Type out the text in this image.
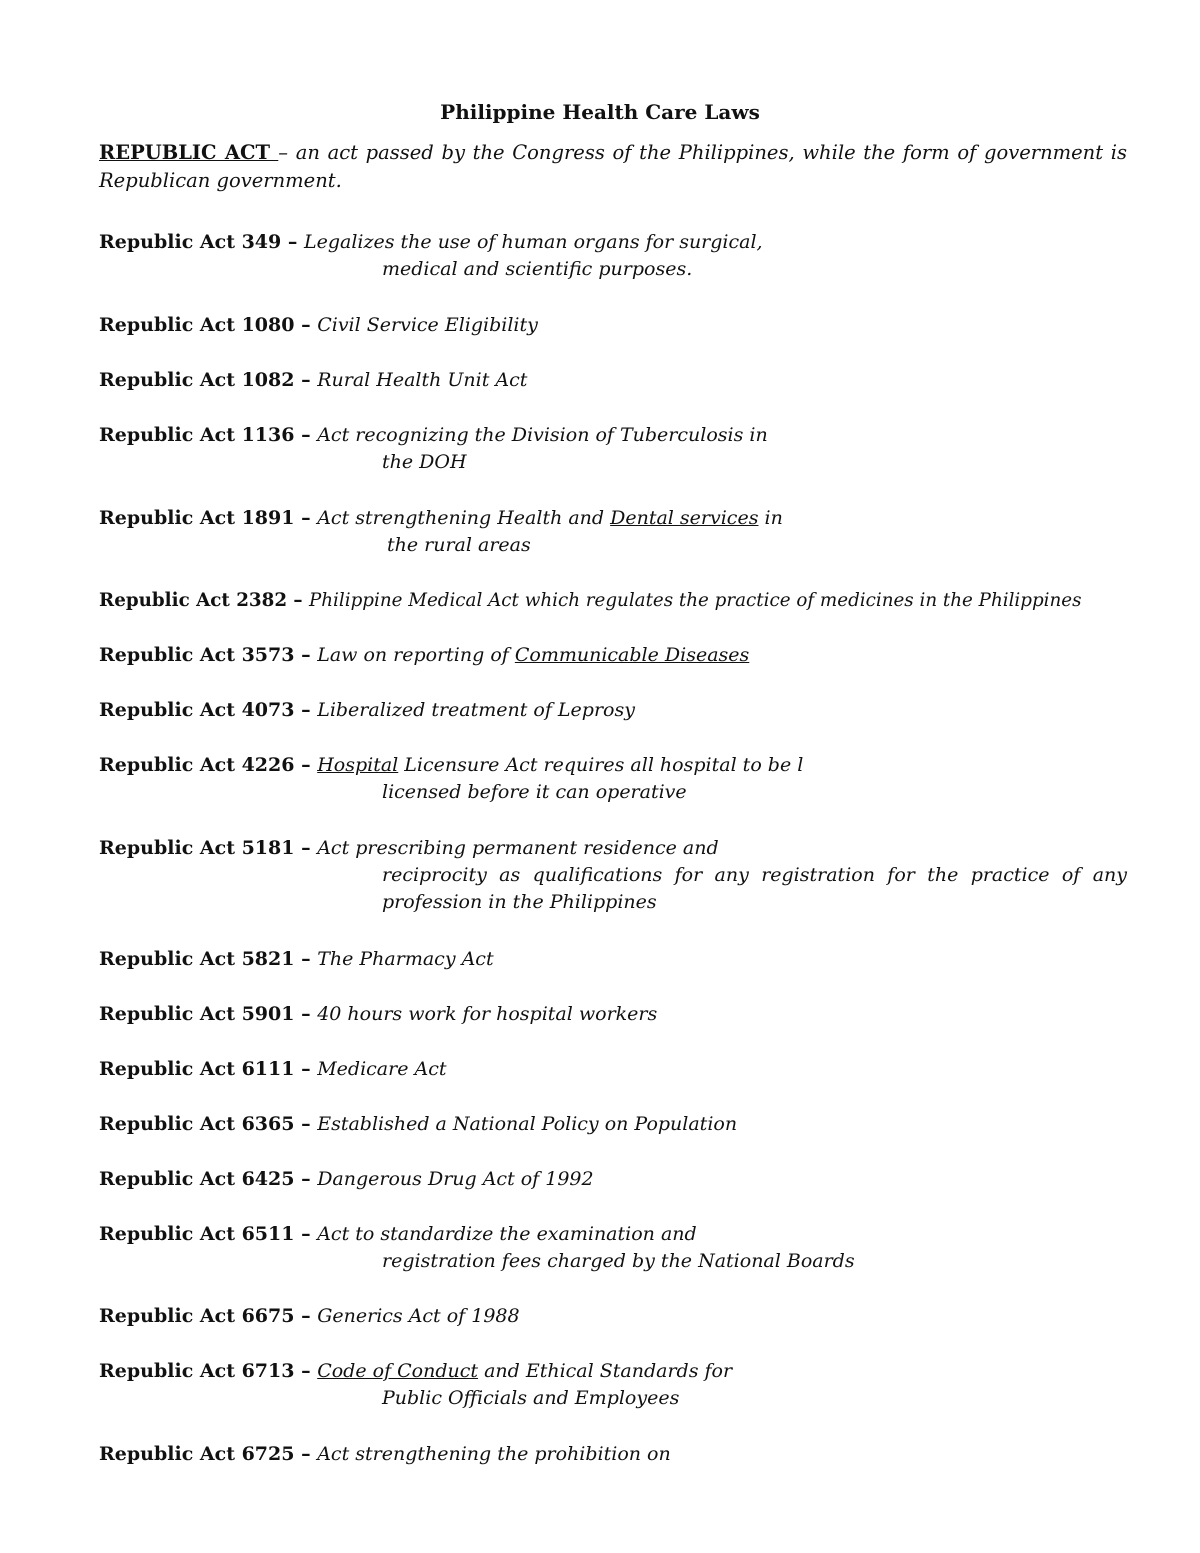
Philippine Health Care Laws
REPUBLIC ACT – an act passed by the Congress of the Philippines, while the form of government is Republican government.
Republic Act 349 – Legalizes the use of human organs for surgical,
medical and scientific purposes.
Republic Act 1080 – Civil Service Eligibility
Republic Act 1082 – Rural Health Unit Act
Republic Act 1136 – Act recognizing the Division of Tuberculosis in
the DOH
Republic Act 1891 – Act strengthening Health and Dental services in
the rural areas
Republic Act 2382 – Philippine Medical Act which regulates the practice of medicines in the Philippines
Republic Act 3573 – Law on reporting of Communicable Diseases
Republic Act 4073 – Liberalized treatment of Leprosy
Republic Act 4226 – Hospital Licensure Act requires all hospital to be l
licensed before it can operative
Republic Act 5181 – Act prescribing permanent residence and
reciprocity as qualifications for any registration for the practice of any profession in the Philippines
Republic Act 5821 – The Pharmacy Act
Republic Act 5901 – 40 hours work for hospital workers
Republic Act 6111 – Medicare Act
Republic Act 6365 – Established a National Policy on Population
Republic Act 6425 – Dangerous Drug Act of 1992
Republic Act 6511 – Act to standardize the examination and
registration fees charged by the National Boards
Republic Act 6675 – Generics Act of 1988
Republic Act 6713 – Code of Conduct and Ethical Standards for
Public Officials and Employees
Republic Act 6725 – Act strengthening the prohibition on
